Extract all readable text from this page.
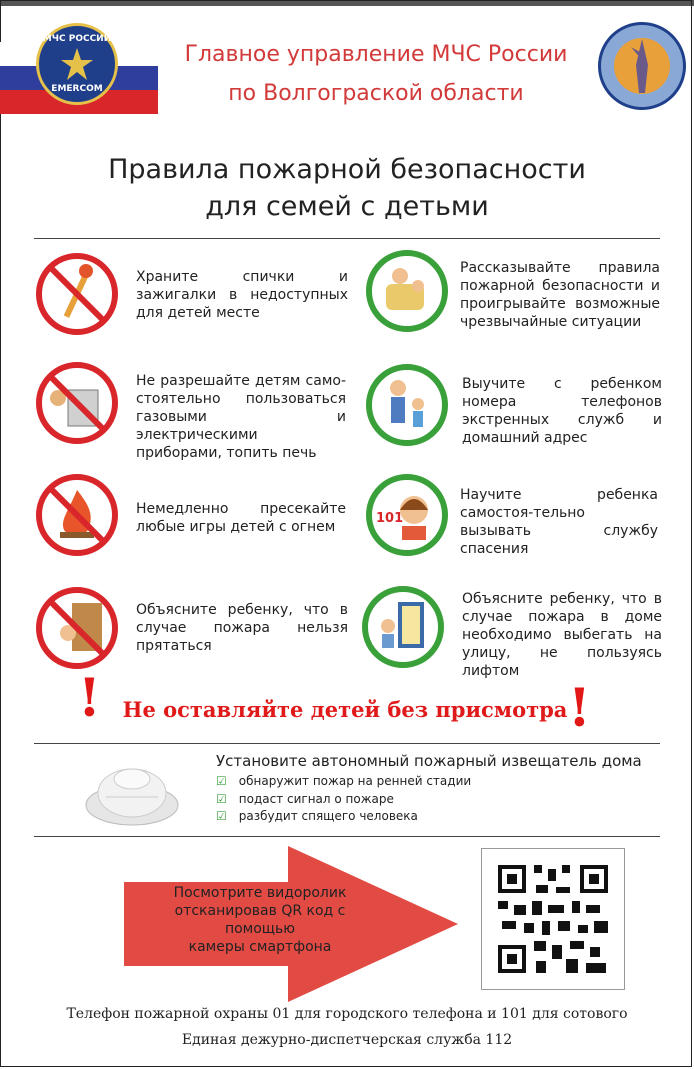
МЧС РОССИИ
EMERCOM
Главное управление МЧС России
по Волгограской области
Правила пожарной безопасности
для семей с детьми
Храните спички и зажигалки в недоступных для детей месте
Не разрешайте детям само-стоятельно пользоваться газовыми и электрическими приборами, топить печь
Немедленно пресекайте любые игры детей с огнем
Объясните ребенку, что в случае пожара нельзя прятаться
Рассказывайте правила пожарной безопасности и проигрывайте возможные чрезвычайные ситуации
Выучите с ребенком номера телефонов экстренных служб и домашний адрес
101
Научите ребенка самостоя-тельно вызывать службу спасения
Объясните ребенку, что в случае пожара в доме необходимо выбегать на улицу, не пользуясь лифтом
! Не оставляйте детей без присмотра !
Установите автономный пожарный извещатель дома
☑ обнаружит пожар на ренней стадии
☑ подаст сигнал о пожаре
☑ разбудит спящего человека
Посмотрите видоролик
отсканировав QR код с помощью
камеры смартфона
Телефон пожарной охраны 01 для городского телефона и 101 для сотового
Единая дежурно-диспетчерская служба 112
